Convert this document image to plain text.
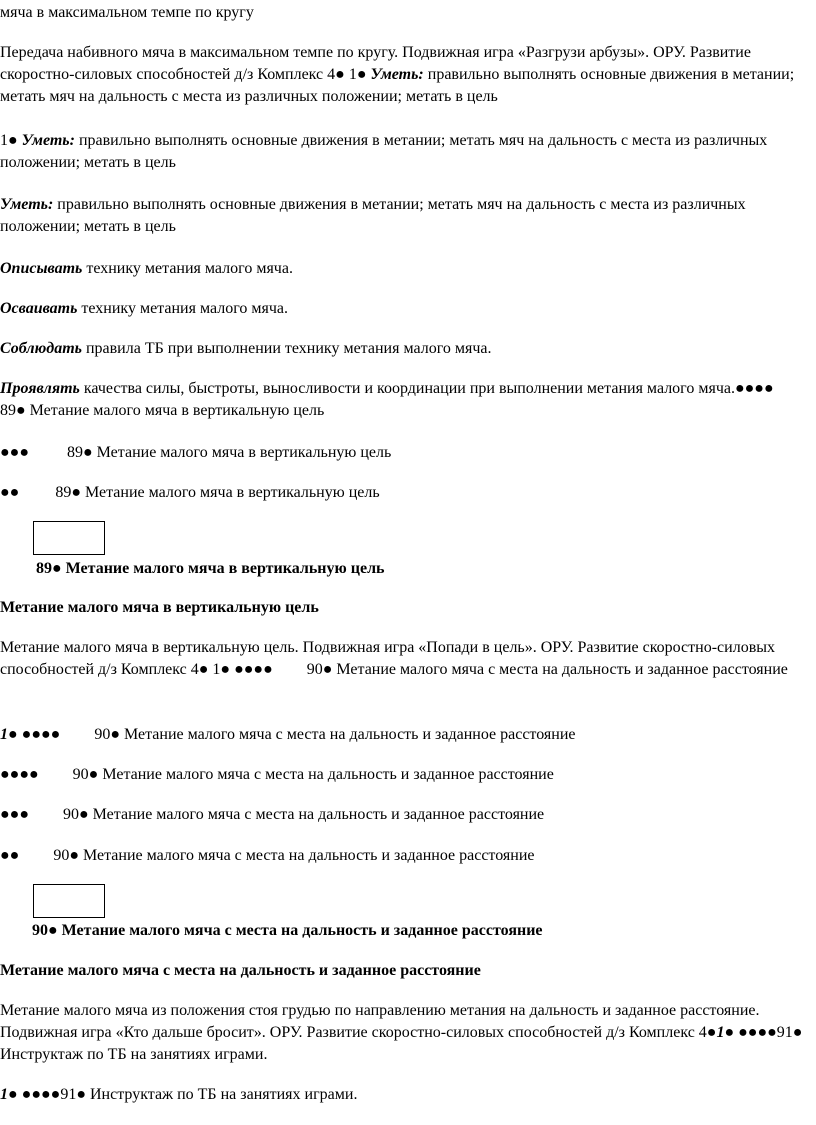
мяча в максимальном темпе по кругу

Передача набивного мяча в максимальном темпе по кругу. Подвижная игра «Разгрузи арбузы». ОРУ. Развитие скоростно-силовых способностей д/з Комплекс 4● 1● Уметь: правильно выполнять основные движения в метании; метать мяч на дальность с места из различных положении; метать в цель

1● Уметь: правильно выполнять основные движения в метании; метать мяч на дальность с места из различных положении; метать в цель

Уметь: правильно выполнять основные движения в метании; метать мяч на дальность с места из различных положении; метать в цель

Описывать технику метания малого мяча.

Осваивать технику метания малого мяча.

Соблюдать правила ТБ при выполнении технику метания малого мяча.

Проявлять качества силы, быстроты, выносливости и координации при выполнении метания малого мяча.●●●●89● Метание малого мяча в вертикальную цель

●●● 89● Метание малого мяча в вертикальную цель

●● 89● Метание малого мяча в вертикальную цель

89● Метание малого мяча в вертикальную цель

Метание малого мяча в вертикальную цель

Метание малого мяча в вертикальную цель. Подвижная игра «Попади в цель». ОРУ. Развитие скоростно-силовых способностей д/з Комплекс 4● 1● ●●●● 90● Метание малого мяча с места на дальность и заданное расстояние

1● ●●●● 90● Метание малого мяча с места на дальность и заданное расстояние

●●●● 90● Метание малого мяча с места на дальность и заданное расстояние

●●● 90● Метание малого мяча с места на дальность и заданное расстояние

●● 90● Метание малого мяча с места на дальность и заданное расстояние

90● Метание малого мяча с места на дальность и заданное расстояние

Метание малого мяча с места на дальность и заданное расстояние

Метание малого мяча из положения стоя грудью по направлению метания на дальность и заданное расстояние. Подвижная игра «Кто дальше бросит». ОРУ. Развитие скоростно-силовых способностей д/з Комплекс 4●1● ●●●●91● Инструктаж по ТБ на занятиях играми.

1● ●●●●91● Инструктаж по ТБ на занятиях играми.
